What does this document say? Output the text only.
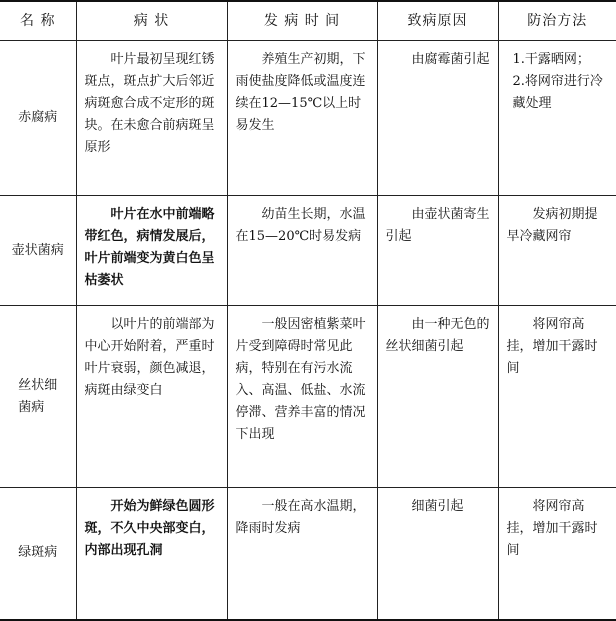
名 称	病 状	发 病 时 间	致病原因	防治方法
赤腐病	叶片最初呈现红锈斑点，斑点扩大后邻近病斑愈合成不定形的斑块。在未愈合前病斑呈原形	养殖生产初期，下雨使盐度降低或温度连续在12—15℃以上时易发生	由腐霉菌引起	1.干露晒网；
2.将网帘进行冷藏处理

壶状菌病	叶片在水中前端略带红色，病情发展后，叶片前端变为黄白色呈枯萎状	幼苗生长期，水温在15—20℃时易发病	由壶状菌寄生引起	发病初期提早冷藏网帘

丝状细菌病	以叶片的前端部为中心开始附着，严重时叶片衰弱，颜色减退，病斑由绿变白	一般因密植紫菜叶片受到障碍时常见此病，特别在有污水流入、高温、低盐、水流停滞、营养丰富的情况下出现	由一种无色的丝状细菌引起	将网帘高挂，增加干露时间

绿斑病	开始为鲜绿色圆形斑，不久中央部变白，内部出现孔洞	一般在高水温期，降雨时发病	细菌引起	将网帘高挂，增加干露时间
